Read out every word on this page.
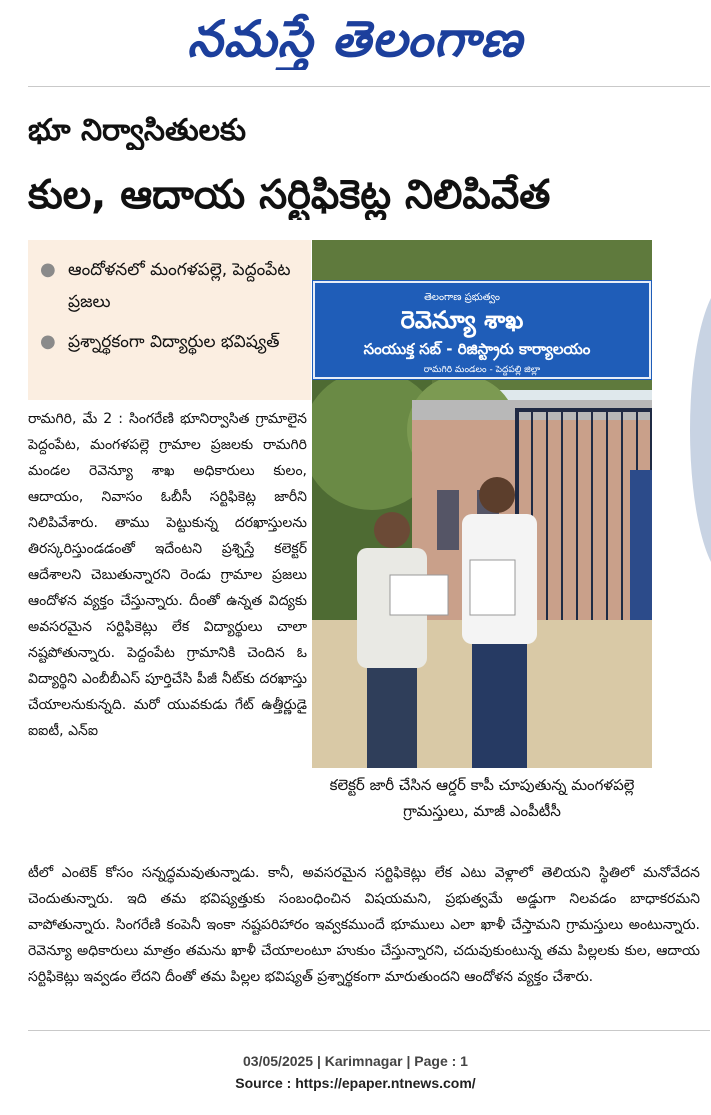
నమస్తే తెలంగాణ
భూ నిర్వాసితులకు
కుల, ఆదాయ సర్టిఫికెట్ల నిలిపివేత
● ఆందోళనలో మంగళపల్లె, పెద్దంపేట ప్రజలు
● ప్రశ్నార్థకంగా విద్యార్థుల భవిష్యత్
తెలంగాణ ప్రభుత్వం
రెవెన్యూ శాఖ
సంయుక్త సబ్ - రిజిస్ట్రారు కార్యాలయం
రామగిరి మండలం - పెద్దపల్లి జిల్లా
కలెక్టర్ జారీ చేసిన ఆర్డర్ కాపీ చూపుతున్న మంగళపల్లె గ్రామస్తులు, మాజీ ఎంపీటీసీ

రామగిరి, మే 2 : సింగరేణి భూనిర్వాసిత గ్రామాలైన పెద్దంపేట, మంగళపల్లె గ్రామాల ప్రజలకు రామగిరి మండల రెవెన్యూ శాఖ అధికారులు కులం, ఆదాయం, నివాసం ఓబీసీ సర్టిఫికెట్ల జారీని నిలిపివేశారు. తాము పెట్టుకున్న దరఖాస్తులను తిరస్కరిస్తుండడంతో ఇదేంటని ప్రశ్నిస్తే కలెక్టర్ ఆదేశాలని చెబుతున్నారని రెండు గ్రామాల ప్రజలు ఆందోళన వ్యక్తం చేస్తున్నారు. దీంతో ఉన్నత విద్యకు అవసరమైన సర్టిఫికెట్లు లేక విద్యార్థులు చాలా నష్టపోతున్నారు. పెద్దంపేట గ్రామానికి చెందిన ఓ విద్యార్థిని ఎంబీబీఎస్ పూర్తిచేసి పీజీ నీట్‌కు దరఖాస్తు చేయాలనుకున్నది. మరో యువకుడు గేట్ ఉత్తీర్ణుడై ఐఐటీ, ఎన్ఐ

టీలో ఎంటెక్ కోసం సన్నద్ధమవుతున్నాడు. కానీ, అవసరమైన సర్టిఫికెట్లు లేక ఎటు వెళ్లాలో తెలియని స్థితిలో మనోవేదన చెందుతున్నారు. ఇది తమ భవిష్యత్తుకు సంబంధించిన విషయమని, ప్రభుత్వమే అడ్డుగా నిలవడం బాధాకరమని వాపోతున్నారు. సింగరేణి కంపెనీ ఇంకా నష్టపరిహారం ఇవ్వకముందే భూములు ఎలా ఖాళీ చేస్తామని గ్రామస్తులు అంటున్నారు. రెవెన్యూ అధికారులు మాత్రం తమను ఖాళీ చేయాలంటూ హుకుం చేస్తున్నారని, చదువుకుంటున్న తమ పిల్లలకు కుల, ఆదాయ సర్టిఫికెట్లు ఇవ్వడం లేదని దీంతో తమ పిల్లల భవిష్యత్ ప్రశ్నార్థకంగా మారుతుందని ఆందోళన వ్యక్తం చేశారు.

03/05/2025 | Karimnagar | Page : 1
Source : https://epaper.ntnews.com/
